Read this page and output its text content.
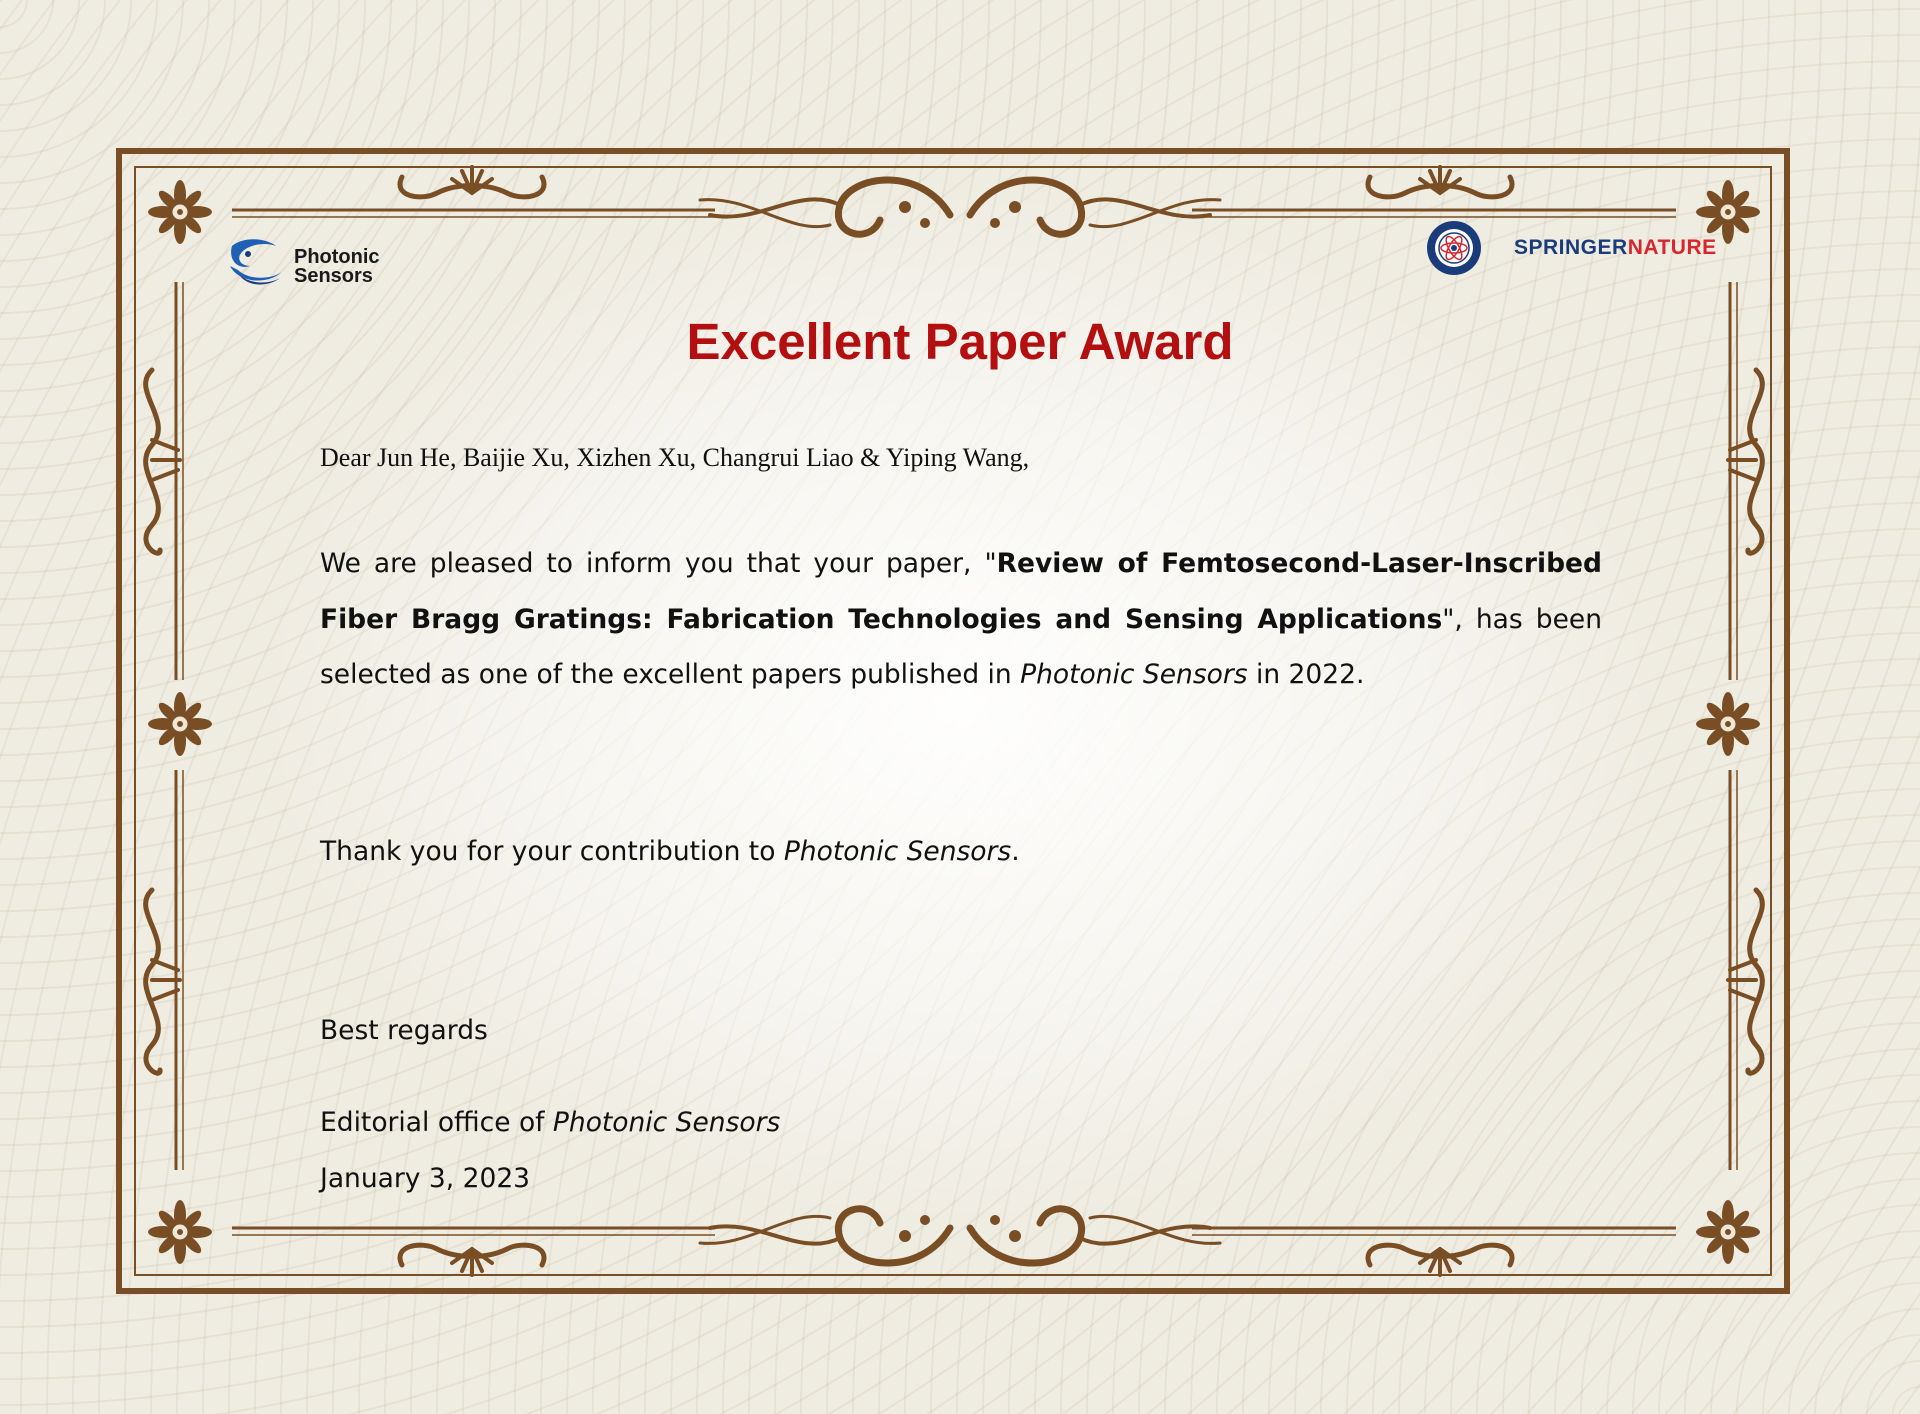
Photonic
Sensors
SPRINGERNATURE
Excellent Paper Award
Dear Jun He, Baijie Xu, Xizhen Xu, Changrui Liao & Yiping Wang,

We are pleased to inform you that your paper, "Review of Femtosecond-Laser-Inscribed Fiber Bragg Gratings: Fabrication Technologies and Sensing Applications", has been selected as one of the excellent papers published in Photonic Sensors in 2022.

Thank you for your contribution to Photonic Sensors.
Best regards
Editorial office of Photonic Sensors
January 3, 2023
